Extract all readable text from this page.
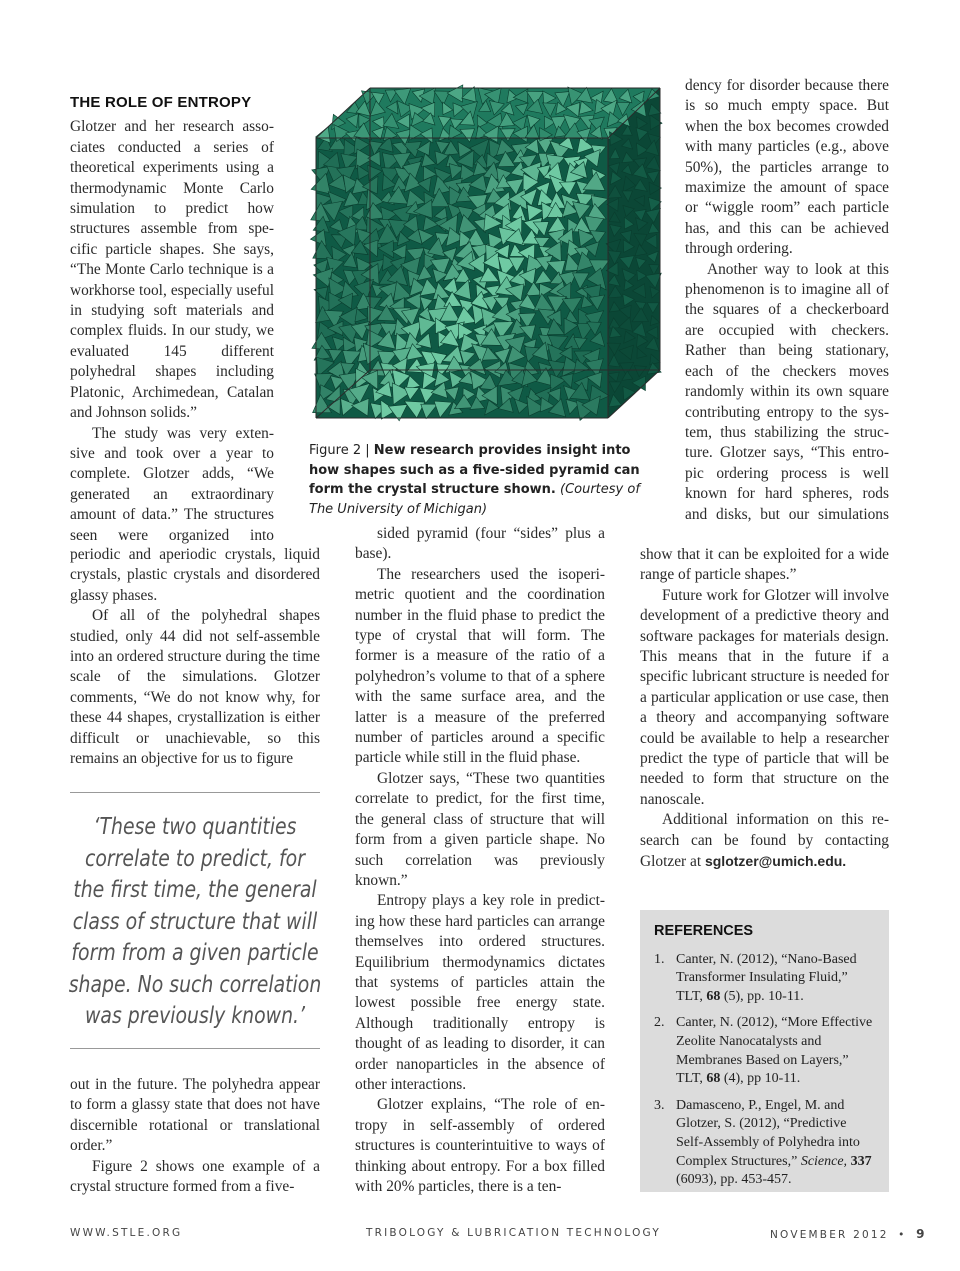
THE ROLE OF ENTROPY

Glotzer and her research associates conducted a series of theoretical experiments using a thermodynamic Monte Carlo simulation to predict how structures assemble from specific particle shapes. She says, “The Monte Carlo technique is a workhorse tool, especially useful in studying soft materials and complex fluids. In our study, we evaluated 145 different polyhedral shapes including Platonic, Archimedean, Catalan and Johnson solids.”

The study was very extensive and took over a year to complete. Glotzer adds, “We generated an extraordinary amount of data.” The structures seen were organized into

periodic and aperiodic crystals, liquid crystals, plastic crystals and disordered glassy phases.

Of all of the polyhedral shapes studied, only 44 did not self-assemble into an ordered structure during the time scale of the simulations. Glotzer comments, “We do not know why, for these 44 shapes, crystallization is either difficult or unachievable, so this remains an objective for us to figure

‘These two quantities correlate to predict, for the first time, the general class of structure that will form from a given particle shape. No such correlation was previously known.’

out in the future. The polyhedra appear to form a glassy state that does not have discernible rotational or translational order.”

Figure 2 shows one example of a crystal structure formed from a five-

Figure 2 | New research provides insight into how shapes such as a five-sided pyramid can form the crystal structure shown. (Courtesy of The University of Michigan)

sided pyramid (four “sides” plus a base).

The researchers used the isoperimetric quotient and the coordination number in the fluid phase to predict the type of crystal that will form. The former is a measure of the ratio of a polyhedron’s volume to that of a sphere with the same surface area, and the latter is a measure of the preferred number of particles around a specific particle while still in the fluid phase.

Glotzer says, “These two quantities correlate to predict, for the first time, the general class of structure that will form from a given particle shape. No such correlation was previously known.”

Entropy plays a key role in predicting how these hard particles can arrange themselves into ordered structures. Equilibrium thermodynamics dictates that systems of particles attain the lowest possible free energy state. Although traditionally entropy is thought of as leading to disorder, it can order nanoparticles in the absence of other interactions.

Glotzer explains, “The role of entropy in self-assembly of ordered structures is counterintuitive to ways of thinking about entropy. For a box filled with 20% particles, there is a ten-

dency for disorder because there is so much empty space. But when the box becomes crowded with many particles (e.g., above 50%), the particles arrange to maximize the amount of space or “wiggle room” each particle has, and this can be achieved through ordering.

Another way to look at this phenomenon is to imagine all of the squares of a checkerboard are occupied with checkers. Rather than being stationary, each of the checkers moves randomly within its own square contributing entropy to the system, thus stabilizing the structure. Glotzer says, “This entropic ordering process is well known for hard spheres, rods and disks, but our simulations

show that it can be exploited for a wide range of particle shapes.”

Future work for Glotzer will involve development of a predictive theory and software packages for materials design. This means that in the future if a specific lubricant structure is needed for a particular application or use case, then a theory and accompanying software could be available to help a researcher predict the type of particle that will be needed to form that structure on the nanoscale.

Additional information on this research can be found by contacting Glotzer at sglotzer@umich.edu.

REFERENCES
1. Canter, N. (2012), “Nano-Based Transformer Insulating Fluid,” TLT, 68 (5), pp. 10-11.
2. Canter, N. (2012), “More Effective Zeolite Nanocatalysts and Membranes Based on Layers,” TLT, 68 (4), pp 10-11.
3. Damasceno, P., Engel, M. and Glotzer, S. (2012), “Predictive Self-Assembly of Polyhedra into Complex Structures,” Science, 337 (6093), pp. 453-457.
WWW.STLE.ORG	TRIBOLOGY & LUBRICATION TECHNOLOGY	NOVEMBER 2012 • 9
